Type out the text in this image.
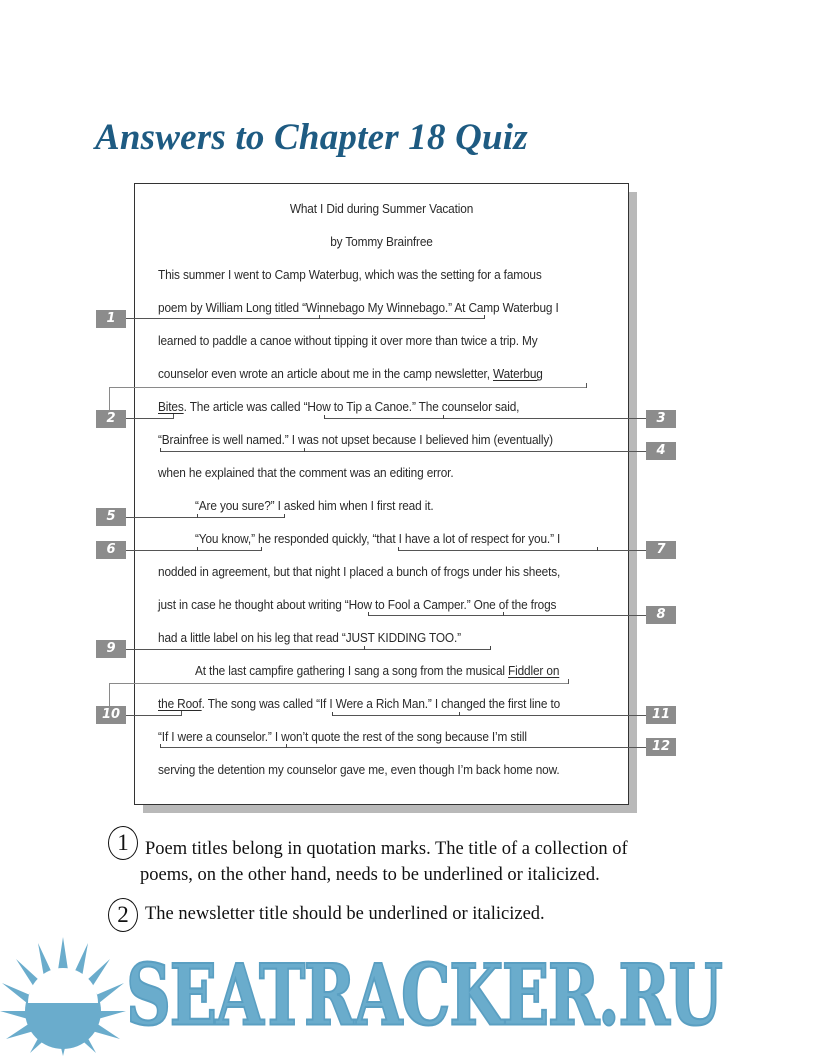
Answers to Chapter 18 Quiz
What I Did during Summer Vacation
by Tommy Brainfree
This summer I went to Camp Waterbug, which was the setting for a famous
poem by William Long titled “Winnebago My Winnebago.” At Camp Waterbug I
learned to paddle a canoe without tipping it over more than twice a trip. My
counselor even wrote an article about me in the camp newsletter, Waterbug
Bites. The article was called “How to Tip a Canoe.” The counselor said,
“Brainfree is well named.” I was not upset because I believed him (eventually)
when he explained that the comment was an editing error.
“Are you sure?” I asked him when I first read it.
“You know,” he responded quickly, “that I have a lot of respect for you.” I
nodded in agreement, but that night I placed a bunch of frogs under his sheets,
just in case he thought about writing “How to Fool a Camper.” One of the frogs
had a little label on his leg that read “JUST KIDDING TOO.”
At the last campfire gathering I sang a song from the musical Fiddler on
the Roof. The song was called “If I Were a Rich Man.” I changed the first line to
“If I were a counselor.” I won’t quote the rest of the song because I’m still
serving the detention my counselor gave me, even though I’m back home now.
1
2	3
4
5
6	7
8
9
10	11
12
1 Poem titles belong in quotation marks. The title of a collection of
poems, on the other hand, needs to be underlined or italicized.
2 The newsletter title should be underlined or italicized.
SEATRACKER.RU
